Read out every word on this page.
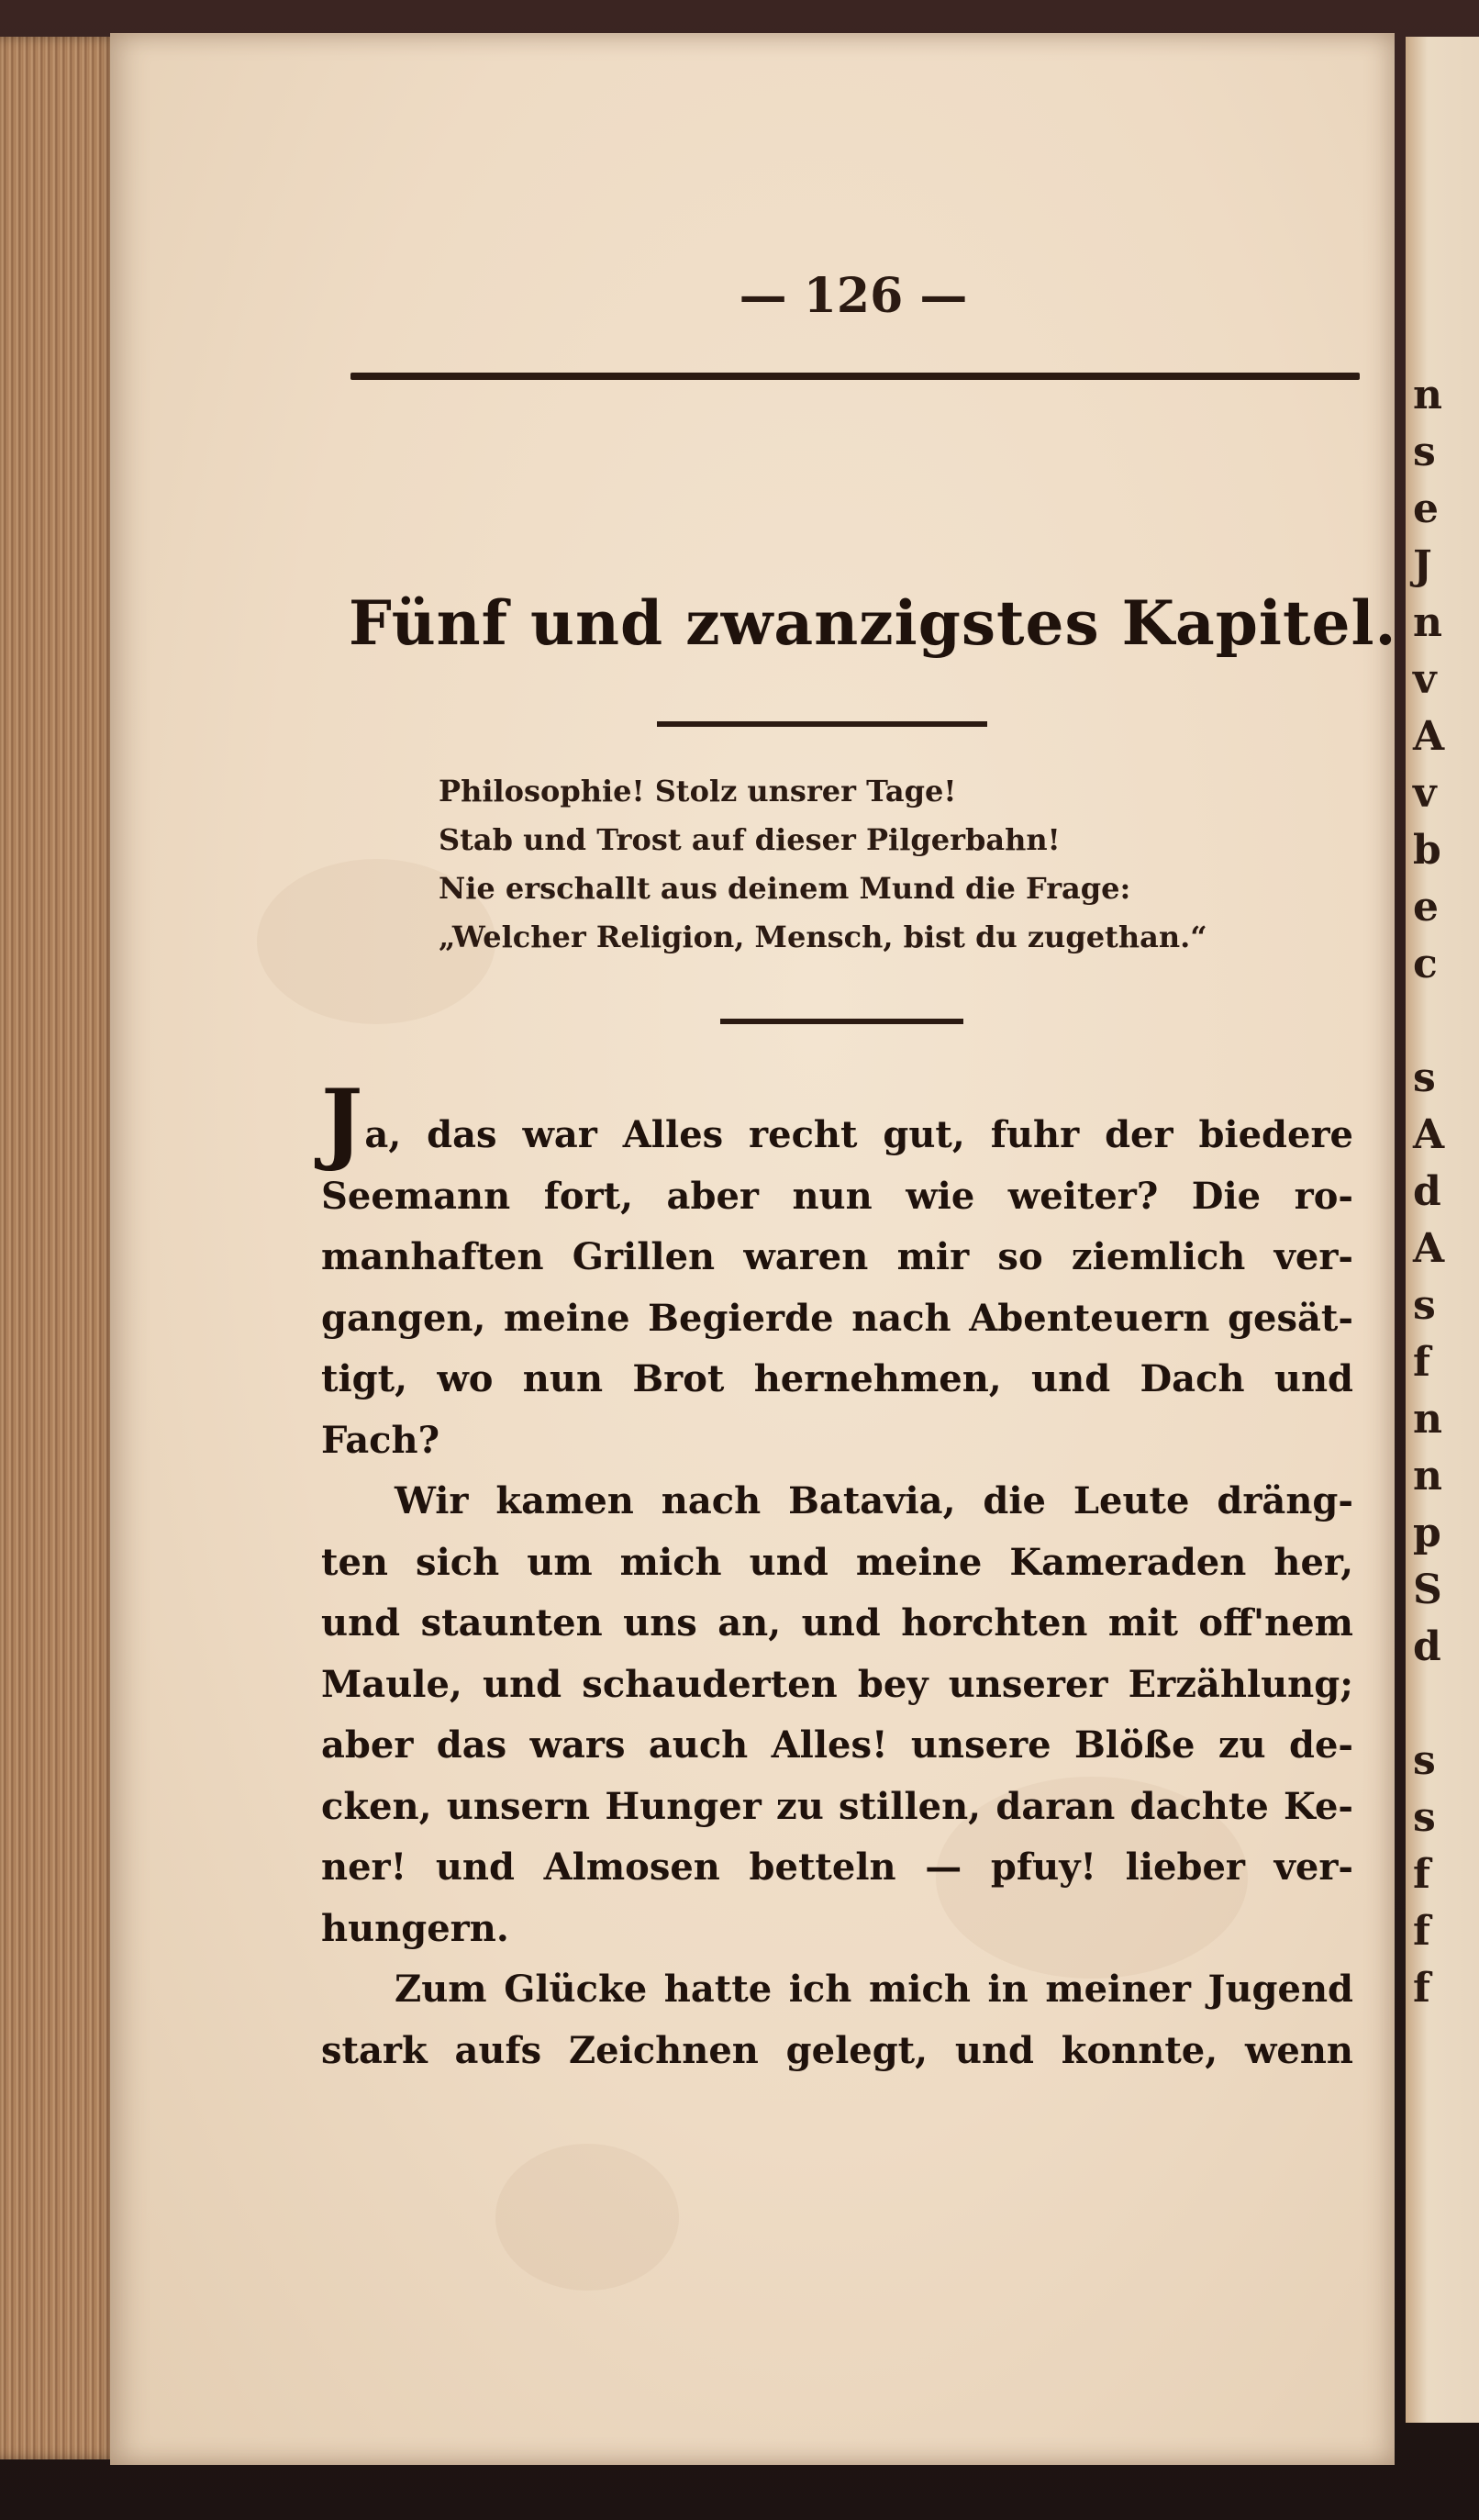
n
s
e
J
n
v
A
v
b
e
c

s
A
d
A
s
f
n
n
p
S
d

s
s
f
f
f
— 126 —
Fünf und zwanzigstes Kapitel.
Philosophie! Stolz unsrer Tage!
Stab und Trost auf dieser Pilgerbahn!
Nie erschallt aus deinem Mund die Frage:
„Welcher Religion, Mensch, bist du zugethan.“
Ja, das war Alles recht gut, fuhr der biedere
Seemann fort, aber nun wie weiter? Die ro-
manhaften Grillen waren mir so ziemlich ver-
gangen, meine Begierde nach Abenteuern gesät-
tigt, wo nun Brot hernehmen, und Dach und
Fach?
Wir kamen nach Batavia, die Leute dräng-
ten sich um mich und meine Kameraden her,
und staunten uns an, und horchten mit off'nem
Maule, und schauderten bey unserer Erzählung;
aber das wars auch Alles! unsere Blöße zu de-
cken, unsern Hunger zu stillen, daran dachte Ke-
ner! und Almosen betteln — pfuy! lieber ver-
hungern.
Zum Glücke hatte ich mich in meiner Jugend
stark aufs Zeichnen gelegt, und konnte, wenn
